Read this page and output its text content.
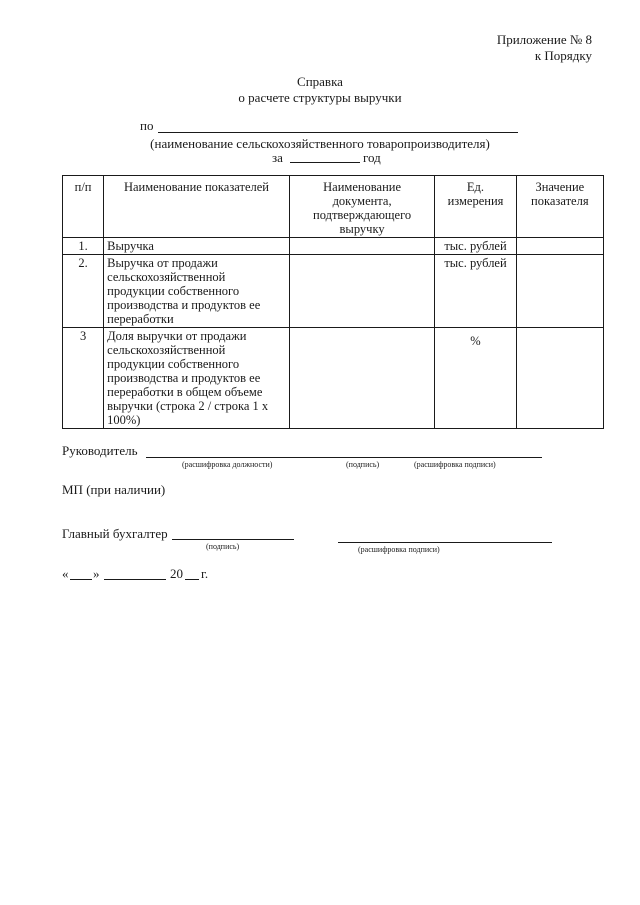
Приложение № 8
к Порядку
Справка
о расчете структуры выручки
по
(наименование сельскохозяйственного товаропроизводителя)
за	год
п/п	Наименование показателей	Наименование документа, подтверждающего выручку	Ед. измерения	Значение показателя
1.	Выручка		тыс. рублей	
2.	Выручка от продажи сельскохозяйственной продукции собственного производства и продуктов ее переработки		тыс. рублей	
3	Доля выручки от продажи сельскохозяйственной продукции собственного производства и продуктов ее переработки в общем объеме выручки (строка 2 / строка 1 x 100%)		%	
Руководитель
(расшифровка должности)	(подпись)	(расшифровка подписи)
МП (при наличии)
Главный бухгалтер
(подпись)	(расшифровка подписи)
« »	20 г.
